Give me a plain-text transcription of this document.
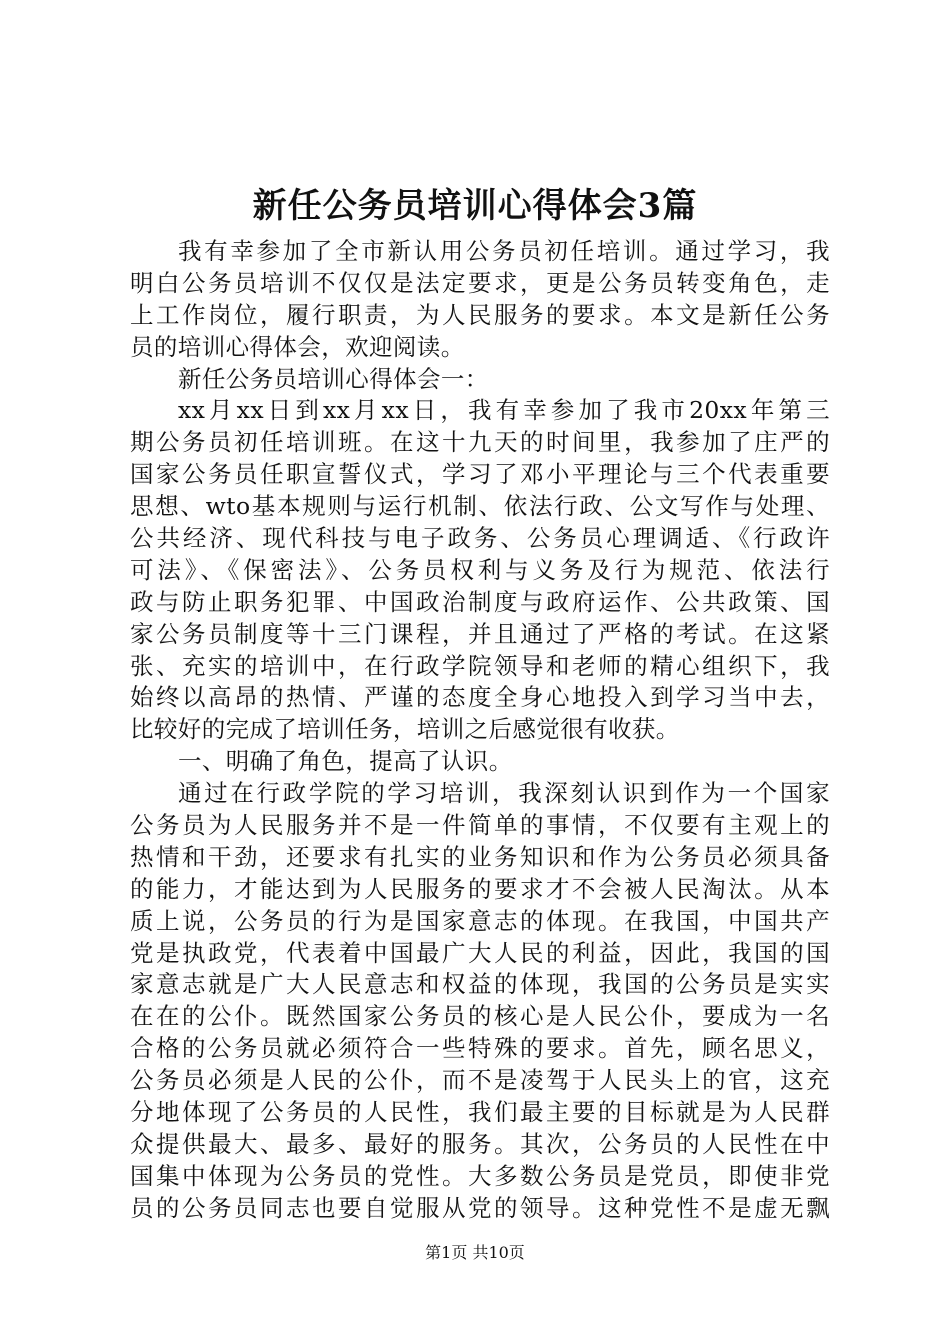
新任公务员培训心得体会3篇
我有幸参加了全市新认用公务员初任培训。通过学习，我
明白公务员培训不仅仅是法定要求，更是公务员转变角色，走
上工作岗位，履行职责，为人民服务的要求。本文是新任公务
员的培训心得体会，欢迎阅读。
新任公务员培训心得体会一：
xx月xx日到xx月xx日，我有幸参加了我市20xx年第三
期公务员初任培训班。在这十九天的时间里，我参加了庄严的
国家公务员任职宣誓仪式，学习了邓小平理论与三个代表重要
思想、wto基本规则与运行机制、依法行政、公文写作与处理、
公共经济、现代科技与电子政务、公务员心理调适、《行政许
可法》、《保密法》、公务员权利与义务及行为规范、依法行
政与防止职务犯罪、中国政治制度与政府运作、公共政策、国
家公务员制度等十三门课程，并且通过了严格的考试。在这紧
张、充实的培训中，在行政学院领导和老师的精心组织下，我
始终以高昂的热情、严谨的态度全身心地投入到学习当中去，
比较好的完成了培训任务，培训之后感觉很有收获。
一、明确了角色，提高了认识。
通过在行政学院的学习培训，我深刻认识到作为一个国家
公务员为人民服务并不是一件简单的事情，不仅要有主观上的
热情和干劲，还要求有扎实的业务知识和作为公务员必须具备
的能力，才能达到为人民服务的要求才不会被人民淘汰。从本
质上说，公务员的行为是国家意志的体现。在我国，中国共产
党是执政党，代表着中国最广大人民的利益，因此，我国的国
家意志就是广大人民意志和权益的体现，我国的公务员是实实
在在的公仆。既然国家公务员的核心是人民公仆，要成为一名
合格的公务员就必须符合一些特殊的要求。首先，顾名思义，
公务员必须是人民的公仆，而不是凌驾于人民头上的官，这充
分地体现了公务员的人民性，我们最主要的目标就是为人民群
众提供最大、最多、最好的服务。其次，公务员的人民性在中
国集中体现为公务员的党性。大多数公务员是党员，即使非党
员的公务员同志也要自觉服从党的领导。这种党性不是虚无飘
第1页 共10页
